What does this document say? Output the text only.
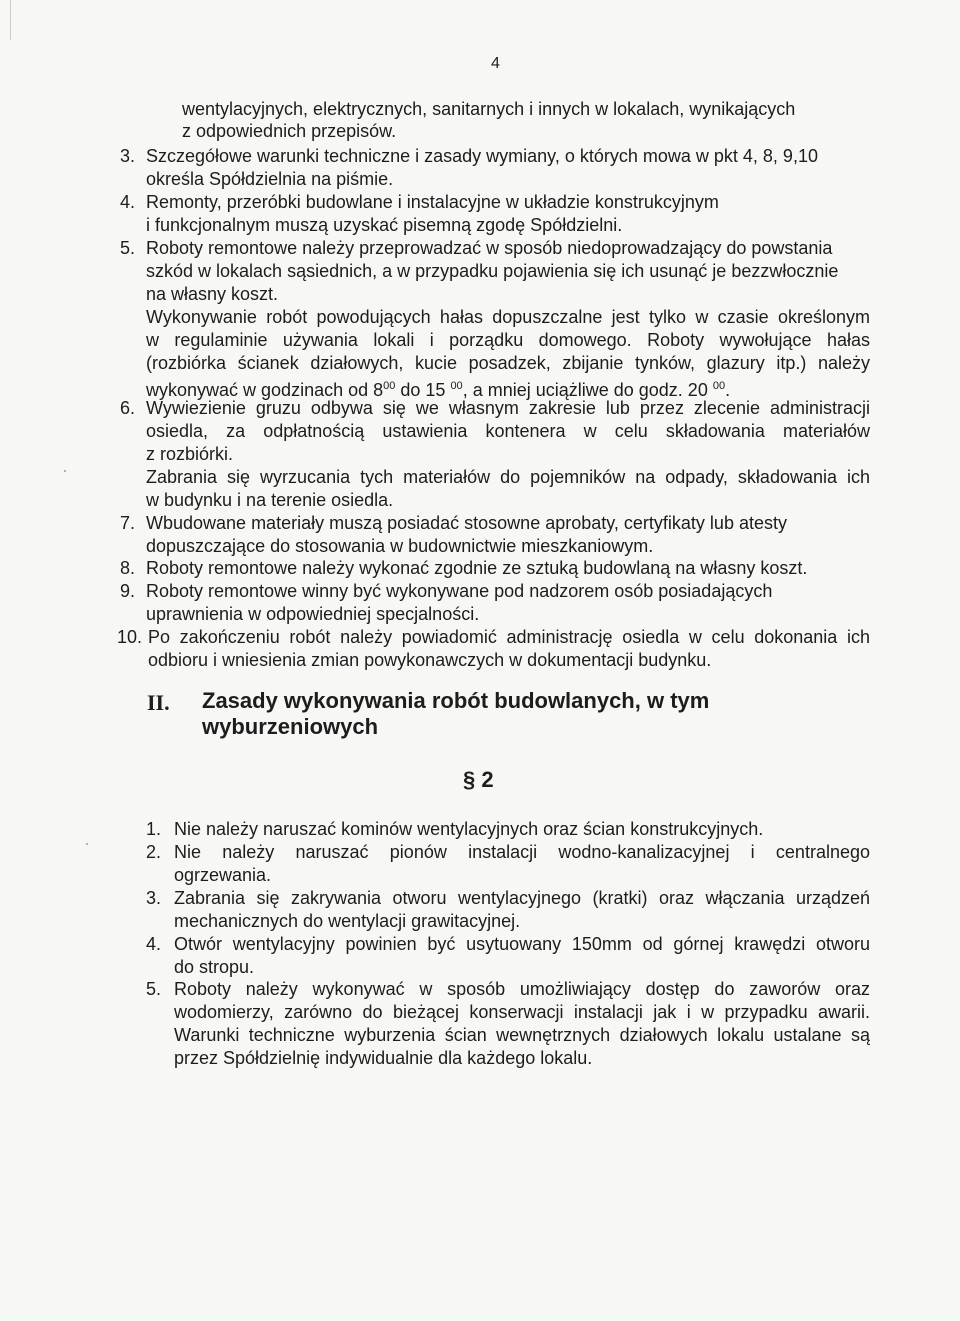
4
wentylacyjnych, elektrycznych, sanitarnych i innych w lokalach, wynikających
z odpowiednich przepisów.
3. Szczegółowe warunki techniczne i zasady wymiany, o których mowa w pkt 4, 8, 9,10
określa Spółdzielnia na piśmie.
4. Remonty, przeróbki budowlane i instalacyjne w układzie konstrukcyjnym
i funkcjonalnym muszą uzyskać pisemną zgodę Spółdzielni.
5. Roboty remontowe należy przeprowadzać w sposób niedoprowadzający do powstania
szkód w lokalach sąsiednich, a w przypadku pojawienia się ich usunąć je bezzwłocznie
na własny koszt.
Wykonywanie robót powodujących hałas dopuszczalne jest tylko w czasie określonym
w regulaminie używania lokali i porządku domowego. Roboty wywołujące hałas
(rozbiórka ścianek działowych, kucie posadzek, zbijanie tynków, glazury itp.) należy
wykonywać w godzinach od $8^{00}$ do 15 $^{00}$, a mniej uciążliwe do godz. 20 $^{00}$.
6. Wywiezienie gruzu odbywa się we własnym zakresie lub przez zlecenie administracji
osiedla, za odpłatnością ustawienia kontenera w celu składowania materiałów
z rozbiórki.
Zabrania się wyrzucania tych materiałów do pojemników na odpady, składowania ich
w budynku i na terenie osiedla.
7. Wbudowane materiały muszą posiadać stosowne aprobaty, certyfikaty lub atesty
dopuszczające do stosowania w budownictwie mieszkaniowym.
8. Roboty remontowe należy wykonać zgodnie ze sztuką budowlaną na własny koszt.
9. Roboty remontowe winny być wykonywane pod nadzorem osób posiadających
uprawnienia w odpowiedniej specjalności.
10. Po zakończeniu robót należy powiadomić administrację osiedla w celu dokonania ich
odbioru i wniesienia zmian powykonawczych w dokumentacji budynku.
II. Zasady wykonywania robót budowlanych, w tym
wyburzeniowych
§ 2
1. Nie należy naruszać kominów wentylacyjnych oraz ścian konstrukcyjnych.
2. Nie należy naruszać pionów instalacji wodno-kanalizacyjnej i centralnego
ogrzewania.
3. Zabrania się zakrywania otworu wentylacyjnego (kratki) oraz włączania urządzeń
mechanicznych do wentylacji grawitacyjnej.
4. Otwór wentylacyjny powinien być usytuowany 150mm od górnej krawędzi otworu
do stropu.
5. Roboty należy wykonywać w sposób umożliwiający dostęp do zaworów oraz
wodomierzy, zarówno do bieżącej konserwacji instalacji jak i w przypadku awarii.
Warunki techniczne wyburzenia ścian wewnętrznych działowych lokalu ustalane są
przez Spółdzielnię indywidualnie dla każdego lokalu.
